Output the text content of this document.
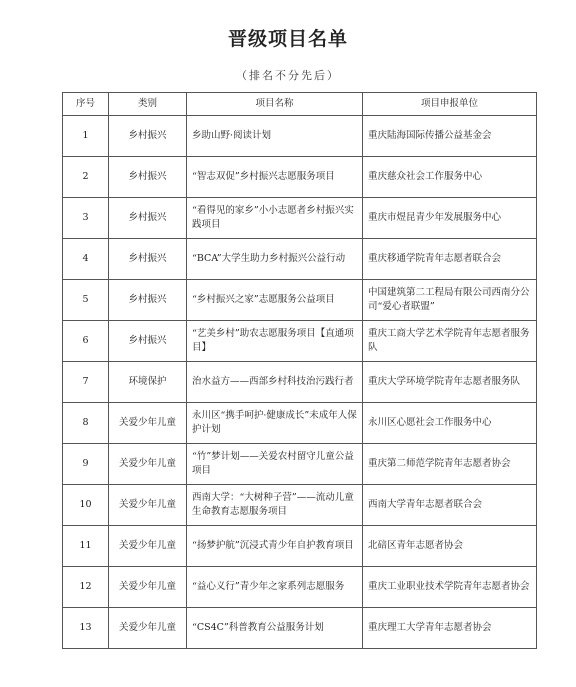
晋级项目名单
（排名不分先后）
序号	类别	项目名称	项目申报单位
1	乡村振兴	乡助山野·阅读计划	重庆陆海国际传播公益基金会
2	乡村振兴	“智志双促”乡村振兴志愿服务项目	重庆慈众社会工作服务中心
3	乡村振兴	“看得见的家乡”小小志愿者乡村振兴实践项目	重庆市煜昆青少年发展服务中心
4	乡村振兴	“BCA”大学生助力乡村振兴公益行动	重庆移通学院青年志愿者联合会
5	乡村振兴	“乡村振兴之家”志愿服务公益项目	中国建筑第二工程局有限公司西南分公司“爱心者联盟”
6	乡村振兴	“艺美乡村”助农志愿服务项目【直通项目】	重庆工商大学艺术学院青年志愿者服务队
7	环境保护	治水益方——西部乡村科技治污践行者	重庆大学环境学院青年志愿者服务队
8	关爱少年儿童	永川区“携手呵护·健康成长”未成年人保护计划	永川区心愿社会工作服务中心
9	关爱少年儿童	“竹”梦计划——关爱农村留守儿童公益项目	重庆第二师范学院青年志愿者协会
10	关爱少年儿童	西南大学：“大树种子营”——流动儿童生命教育志愿服务项目	西南大学青年志愿者联合会
11	关爱少年儿童	“扬梦护航”沉浸式青少年自护教育项目	北碚区青年志愿者协会
12	关爱少年儿童	“益心义行”青少年之家系列志愿服务	重庆工业职业技术学院青年志愿者协会
13	关爱少年儿童	“CS4C”科普教育公益服务计划	重庆理工大学青年志愿者协会
